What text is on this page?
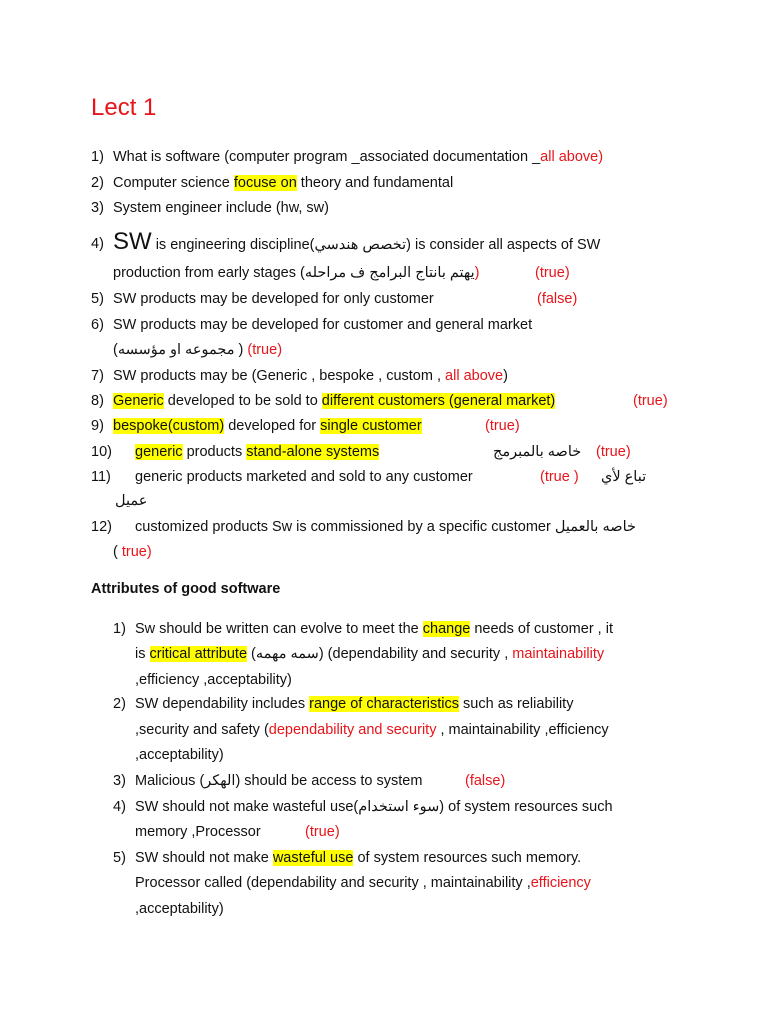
Lect 1
1) What is software (computer program _associated documentation _all above)
2) Computer science focuse on theory and fundamental
3) System engineer include (hw, sw)
4) SW is engineering discipline(تخصص هندسي) is consider all aspects of SW
production from early stages (يهتم بانتاج البرامج ف مراحله)	(true)
5) SW products may be developed for only customer	(false)
6) SW products may be developed for customer and general market
(مجموعه او مؤسسه ) (true)
7) SW products may be (Generic , bespoke , custom , all above)
8) Generic developed to be sold to different customers (general market)	(true)
9) bespoke(custom) developed for single customer	(true)
10) generic products stand-alone systems	خاصه بالمبرمج (true)
11) generic products marketed and sold to any customer	(true ) تباع لأي
عميل
12) customized products Sw is commissioned by a specific customer خاصه بالعميل
( true)
Attributes of good software
1) Sw should be written can evolve to meet the change needs of customer , it
is critical attribute (سمه مهمه) (dependability and security , maintainability
,efficiency ,acceptability)
2) SW dependability includes range of characteristics such as reliability
,security and safety (dependability and security , maintainability ,efficiency
,acceptability)
3) Malicious (الهكر) should be access to system	(false)
4) SW should not make wasteful use(سوء استخدام) of system resources such
memory ,Processor	(true)
5) SW should not make wasteful use of system resources such memory.
Processor called (dependability and security , maintainability ,efficiency
,acceptability)
